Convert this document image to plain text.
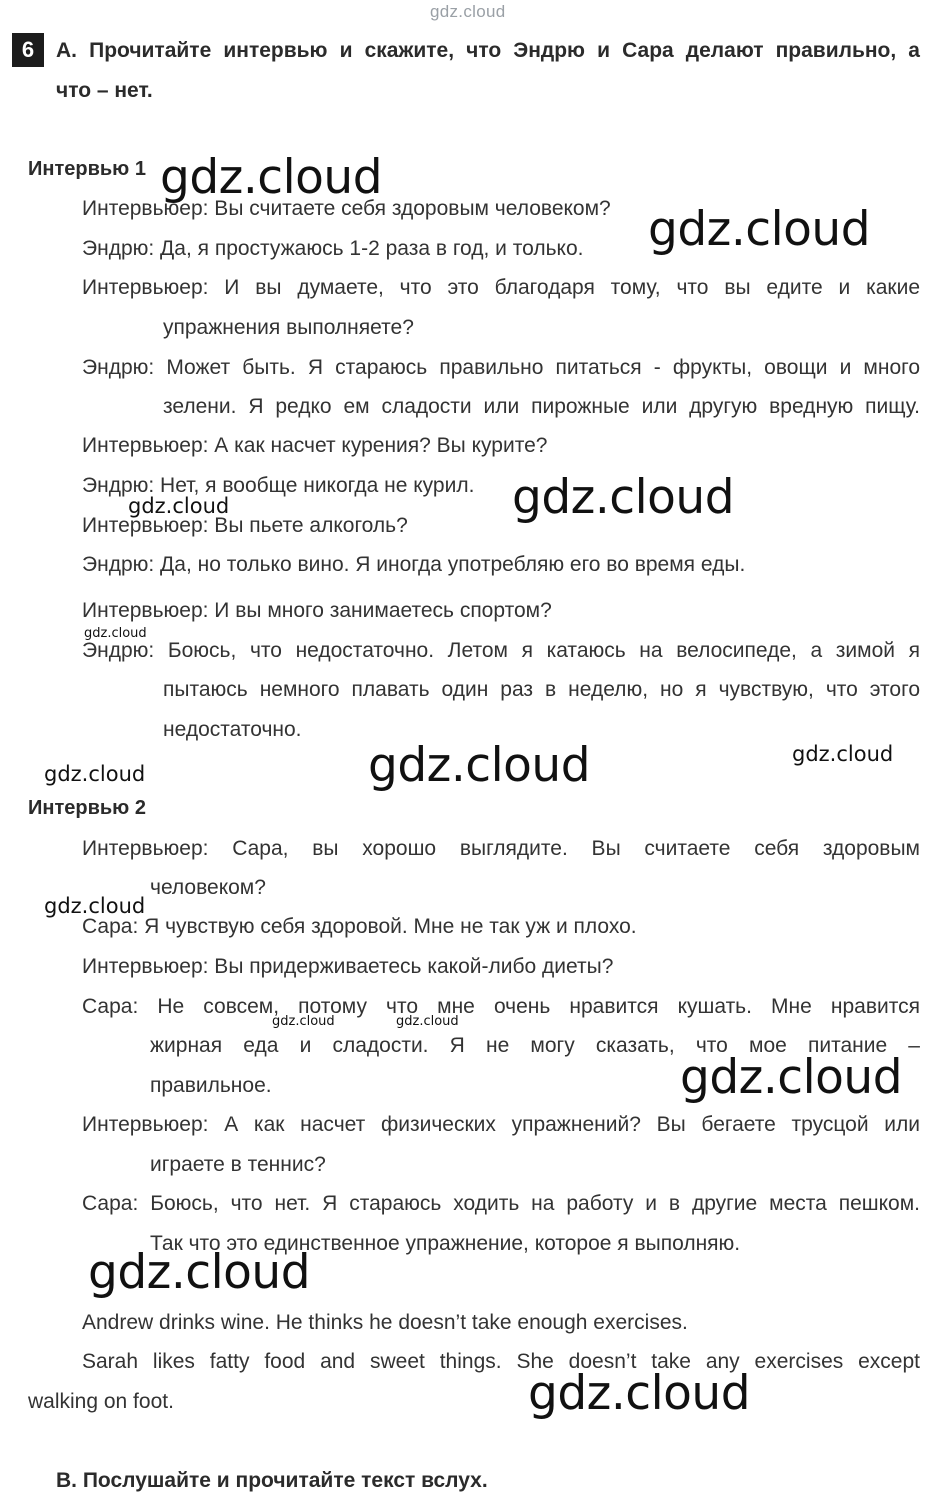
gdz.cloud
6	A. Прочитайте интервью и скажите, что Эндрю и Сара делают правильно, а
что – нет.
Интервью 1
Интервьюер: Вы считаете себя здоровым человеком?
Эндрю: Да, я простужаюсь 1-2 раза в год, и только.
Интервьюер: И вы думаете, что это благодаря тому, что вы едите и какие
упражнения выполняете?
Эндрю: Может быть. Я стараюсь правильно питаться - фрукты, овощи и много
зелени. Я редко ем сладости или пирожные или другую вредную пищу.
Интервьюер: А как насчет курения? Вы курите?
Эндрю: Нет, я вообще никогда не курил.
Интервьюер: Вы пьете алкоголь?
Эндрю: Да, но только вино. Я иногда употребляю его во время еды.
Интервьюер: И вы много занимаетесь спортом?
Эндрю: Боюсь, что недостаточно. Летом я катаюсь на велосипеде, а зимой я
пытаюсь немного плавать один раз в неделю, но я чувствую, что этого
недостаточно.
Интервью 2
Интервьюер: Сара, вы хорошо выглядите. Вы считаете себя здоровым
человеком?
Сара: Я чувствую себя здоровой. Мне не так уж и плохо.
Интервьюер: Вы придерживаетесь какой-либо диеты?
Сара: Не совсем, потому что мне очень нравится кушать. Мне нравится
жирная еда и сладости. Я не могу сказать, что мое питание –
правильное.
Интервьюер: А как насчет физических упражнений? Вы бегаете трусцой или
играете в теннис?
Сара: Боюсь, что нет. Я стараюсь ходить на работу и в другие места пешком.
Так что это единственное упражнение, которое я выполняю.
Andrew drinks wine. He thinks he doesn’t take enough exercises.
Sarah likes fatty food and sweet things. She doesn’t take any exercises except
walking on foot.
B. Послушайте и прочитайте текст вслух.
gdz.cloud
gdz.cloud
gdz.cloud
gdz.cloud
gdz.cloud
gdz.cloud	gdz.cloud
gdz.cloud
gdz.cloud
gdz.cloud	gdz.cloud
gdz.cloud
gdz.cloud
gdz.cloud
